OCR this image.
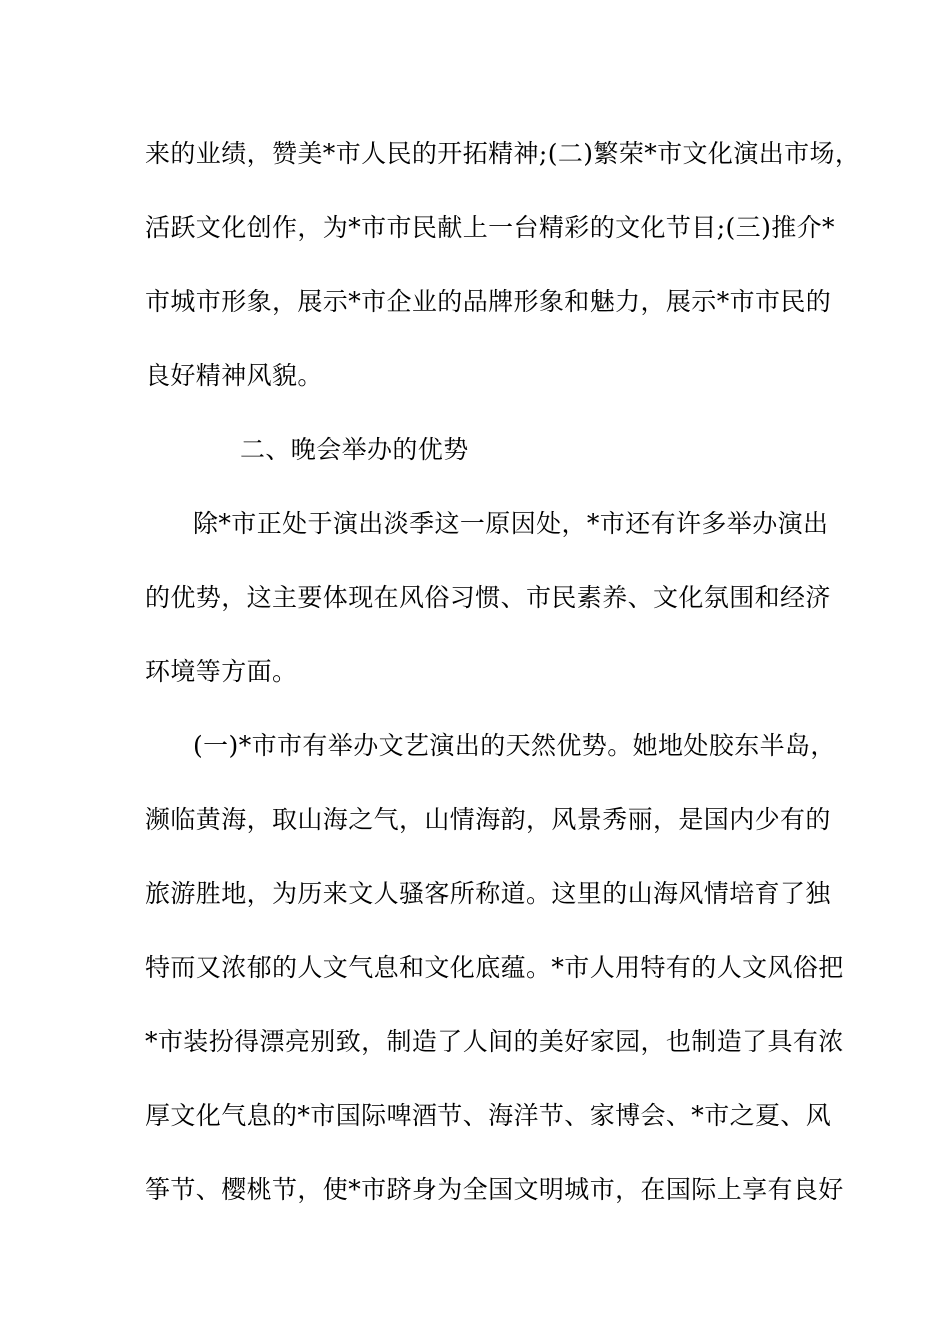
来的业绩，赞美*市人民的开拓精神;(二)繁荣*市文化演出市场，
活跃文化创作，为*市市民献上一台精彩的文化节目;(三)推介*
市城市形象，展示*市企业的品牌形象和魅力，展示*市市民的
良好精神风貌。
二、晚会举办的优势
除*市正处于演出淡季这一原因处，*市还有许多举办演出
的优势，这主要体现在风俗习惯、市民素养、文化氛围和经济
环境等方面。
(一)*市市有举办文艺演出的天然优势。她地处胶东半岛，
濒临黄海，取山海之气，山情海韵，风景秀丽，是国内少有的
旅游胜地，为历来文人骚客所称道。这里的山海风情培育了独
特而又浓郁的人文气息和文化底蕴。*市人用特有的人文风俗把
*市装扮得漂亮别致，制造了人间的美好家园，也制造了具有浓
厚文化气息的*市国际啤酒节、海洋节、家博会、*市之夏、风
筝节、樱桃节，使*市跻身为全国文明城市，在国际上享有良好
